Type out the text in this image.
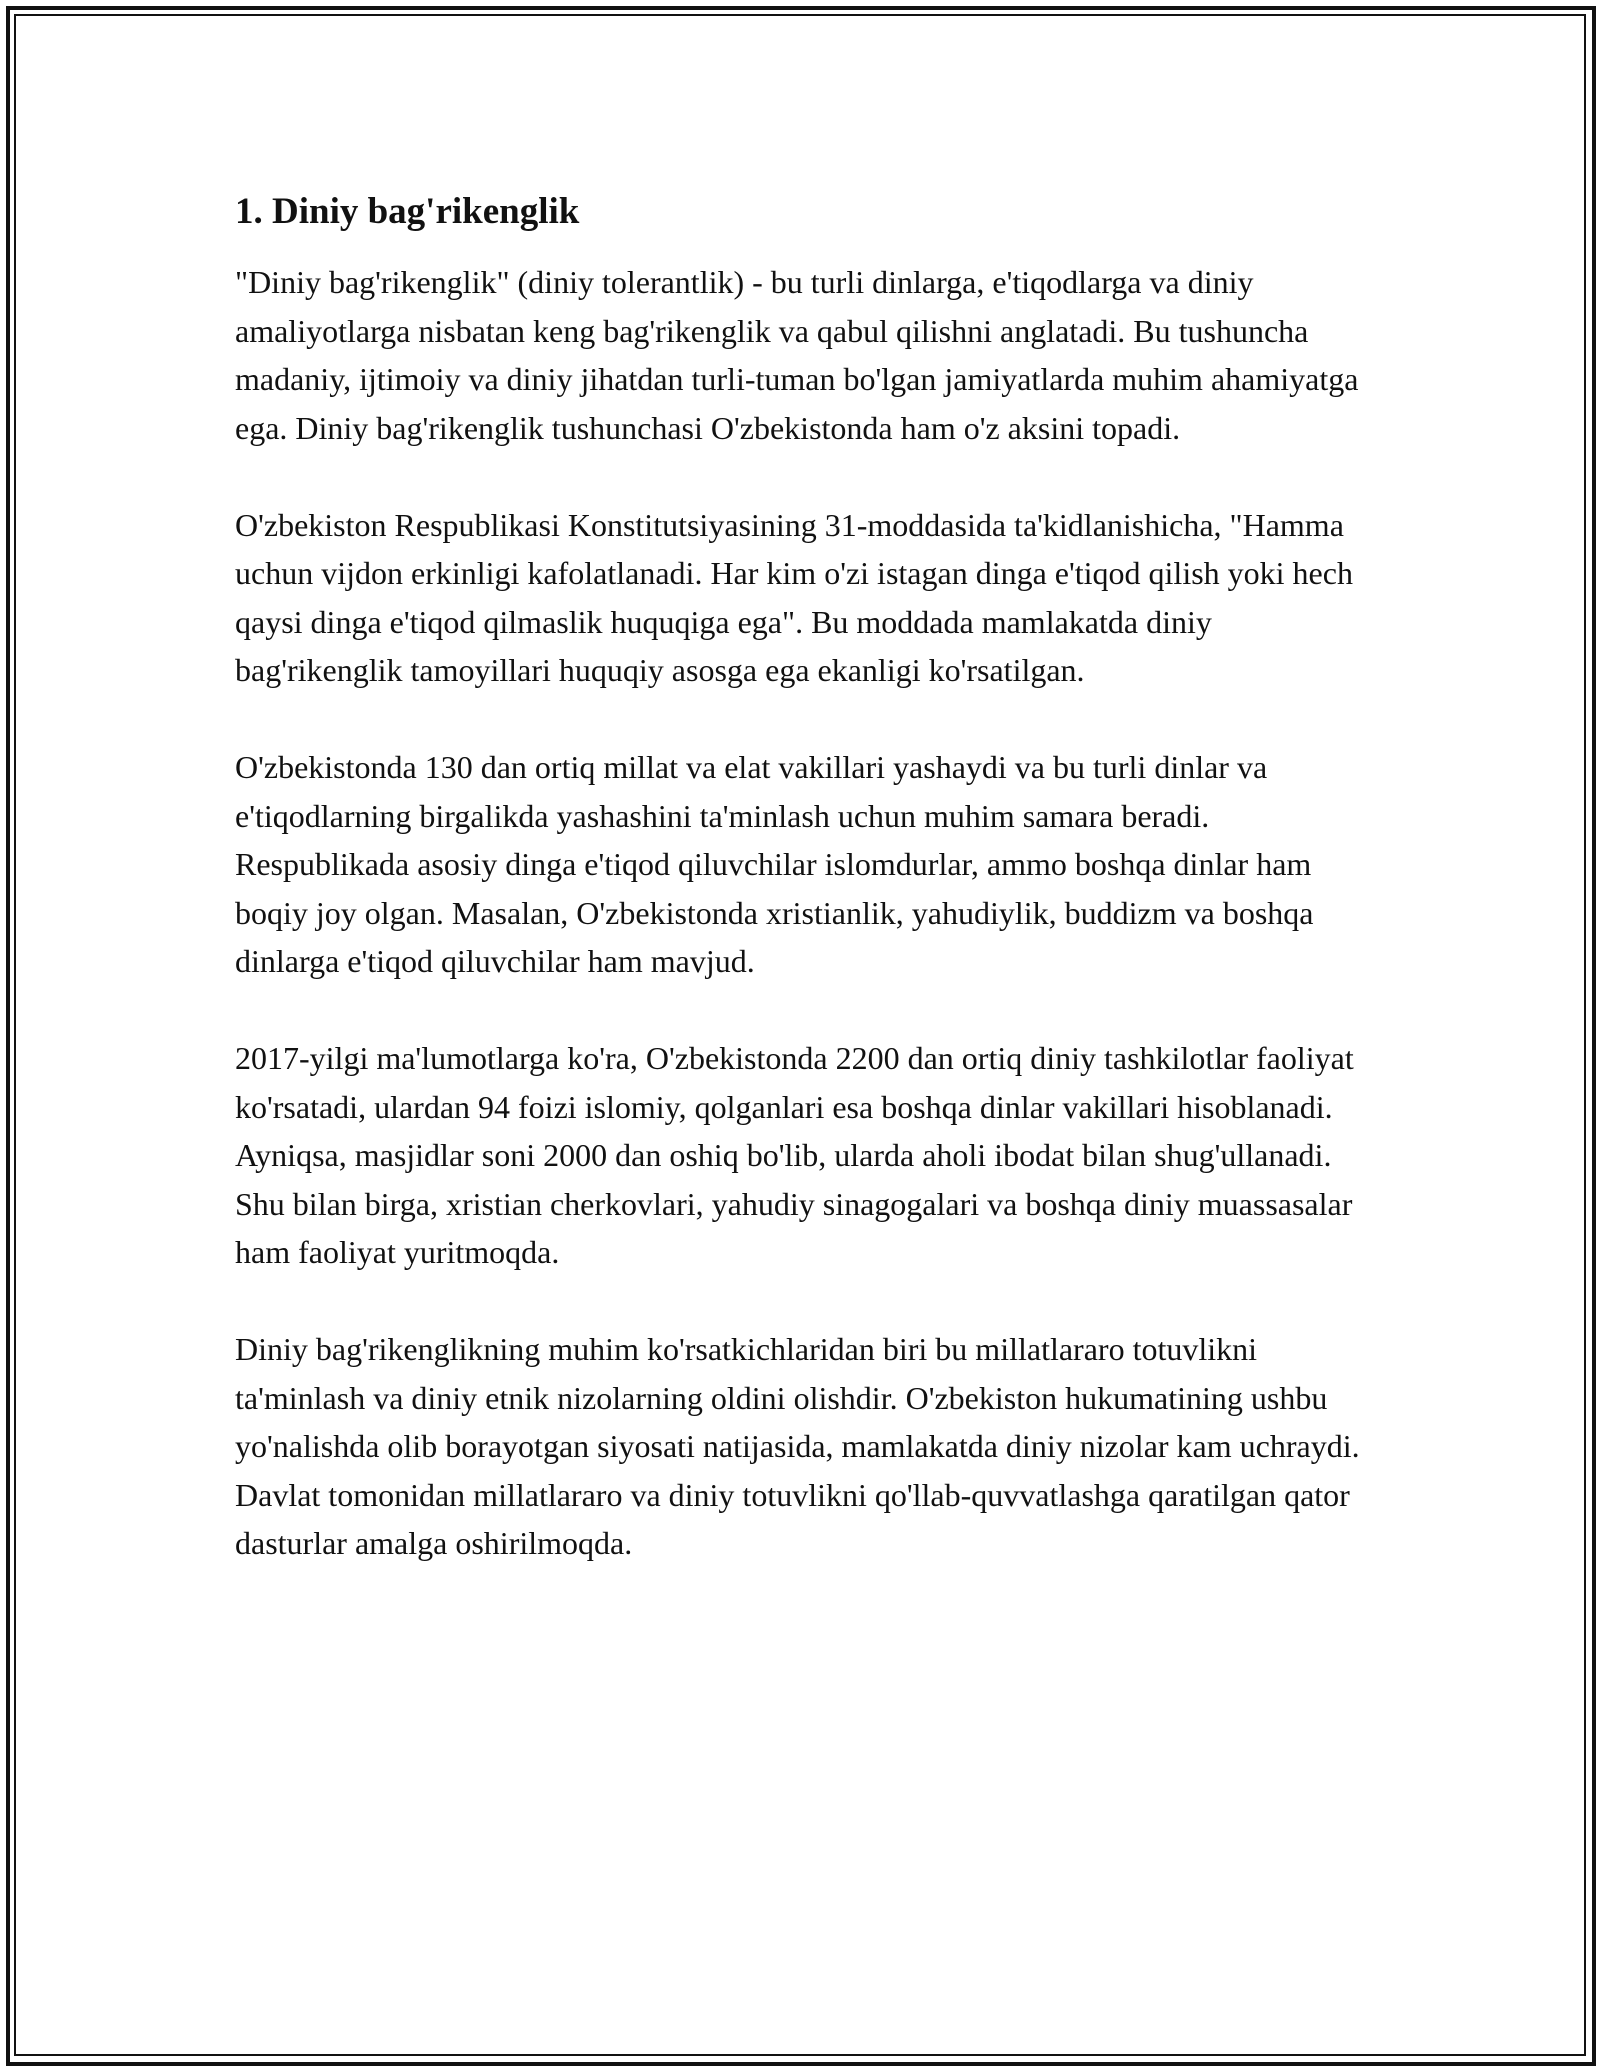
1. Diniy bag'rikenglik

"Diniy bag'rikenglik" (diniy tolerantlik) - bu turli dinlarga, e'tiqodlarga va diniy amaliyotlarga nisbatan keng bag'rikenglik va qabul qilishni anglatadi. Bu tushuncha madaniy, ijtimoiy va diniy jihatdan turli-tuman bo'lgan jamiyatlarda muhim ahamiyatga ega. Diniy bag'rikenglik tushunchasi O'zbekistonda ham o'z aksini topadi.

O'zbekiston Respublikasi Konstitutsiyasining 31-moddasida ta'kidlanishicha, "Hamma uchun vijdon erkinligi kafolatlanadi. Har kim o'zi istagan dinga e'tiqod qilish yoki hech qaysi dinga e'tiqod qilmaslik huquqiga ega". Bu moddada mamlakatda diniy bag'rikenglik tamoyillari huquqiy asosga ega ekanligi ko'rsatilgan.

O'zbekistonda 130 dan ortiq millat va elat vakillari yashaydi va bu turli dinlar va e'tiqodlarning birgalikda yashashini ta'minlash uchun muhim samara beradi. Respublikada asosiy dinga e'tiqod qiluvchilar islomdurlar, ammo boshqa dinlar ham boqiy joy olgan. Masalan, O'zbekistonda xristianlik, yahudiylik, buddizm va boshqa dinlarga e'tiqod qiluvchilar ham mavjud.

2017-yilgi ma'lumotlarga ko'ra, O'zbekistonda 2200 dan ortiq diniy tashkilotlar faoliyat ko'rsatadi, ulardan 94 foizi islomiy, qolganlari esa boshqa dinlar vakillari hisoblanadi. Ayniqsa, masjidlar soni 2000 dan oshiq bo'lib, ularda aholi ibodat bilan shug'ullanadi. Shu bilan birga, xristian cherkovlari, yahudiy sinagogalari va boshqa diniy muassasalar ham faoliyat yuritmoqda.

Diniy bag'rikenglikning muhim ko'rsatkichlaridan biri bu millatlararo totuvlikni ta'minlash va diniy etnik nizolarning oldini olishdir. O'zbekiston hukumatining ushbu yo'nalishda olib borayotgan siyosati natijasida, mamlakatda diniy nizolar kam uchraydi. Davlat tomonidan millatlararo va diniy totuvlikni qo'llab-quvvatlashga qaratilgan qator dasturlar amalga oshirilmoqda.
